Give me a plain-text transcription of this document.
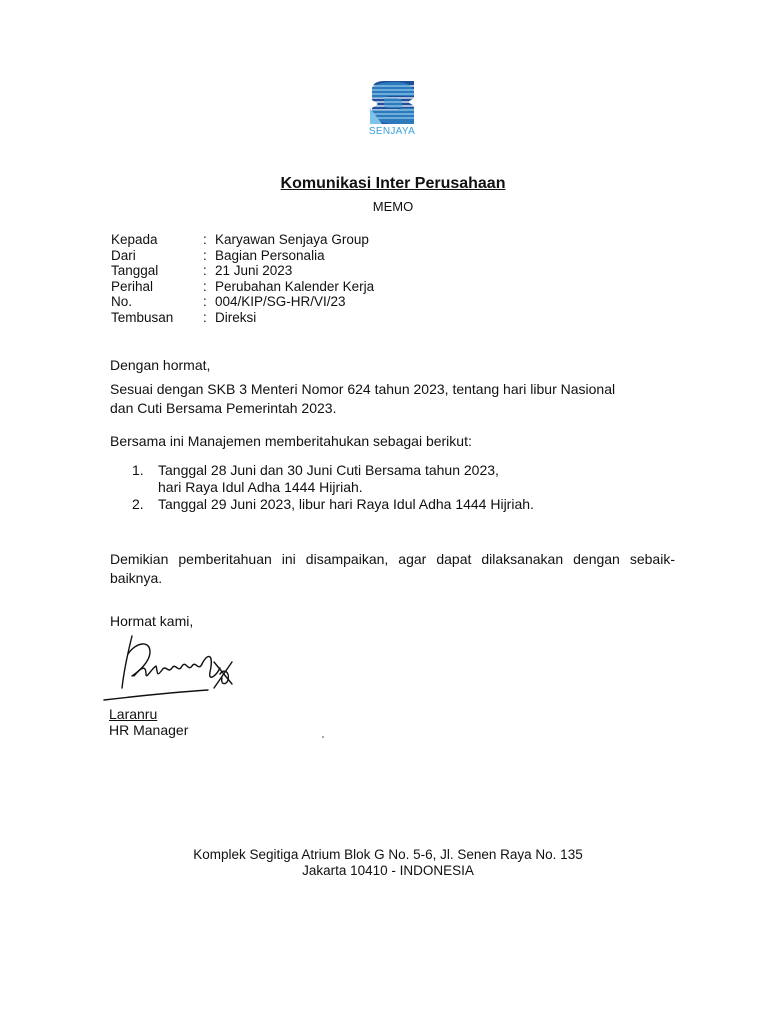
SENJAYA
Komunikasi Inter Perusahaan
MEMO
Kepada	: Karyawan Senjaya Group
Dari	: Bagian Personalia
Tanggal	: 21 Juni 2023
Perihal	: Perubahan Kalender Kerja
No.	: 004/KIP/SG-HR/VI/23
Tembusan	: Direksi
Dengan hormat,
Sesuai dengan SKB 3 Menteri Nomor 624 tahun 2023, tentang hari libur Nasional dan Cuti Bersama Pemerintah 2023.
Bersama ini Manajemen memberitahukan sebagai berikut:
1.	Tanggal 28 Juni dan 30 Juni Cuti Bersama tahun 2023,
hari Raya Idul Adha 1444 Hijriah.
2.	Tanggal 29 Juni 2023, libur hari Raya Idul Adha 1444 Hijriah.
Demikian pemberitahuan ini disampaikan, agar dapat dilaksanakan dengan sebaik-baiknya.
Hormat kami,
Laranru
HR Manager
Komplek Segitiga Atrium Blok G No. 5-6, Jl. Senen Raya No. 135
Jakarta 10410 - INDONESIA
